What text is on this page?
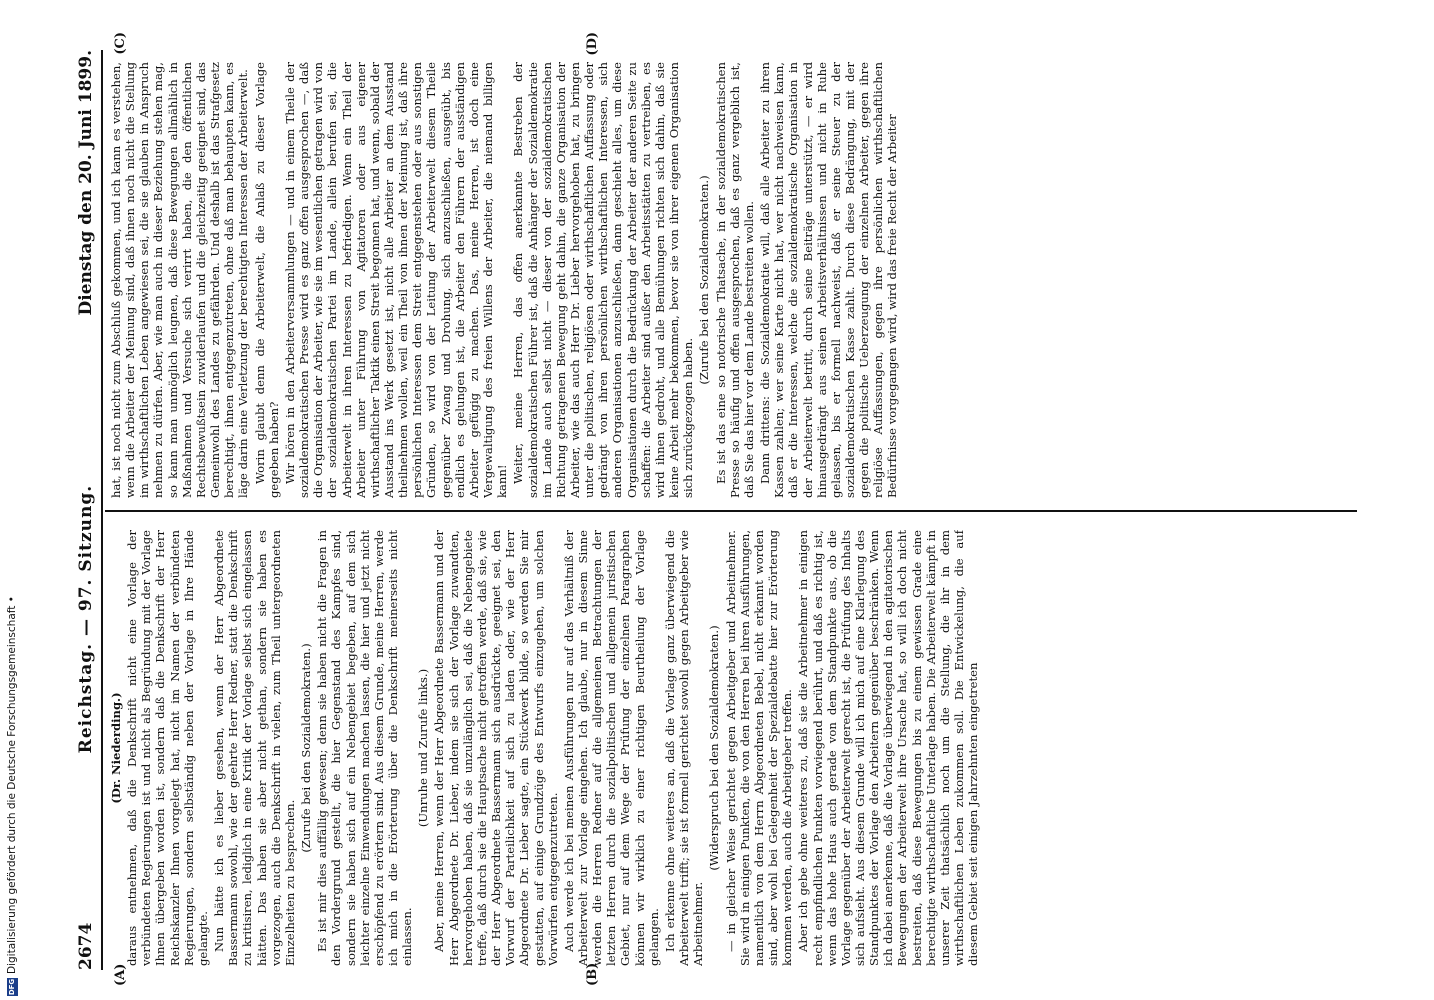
2674
Reichstag. — 97. Sitzung.
Dienstag den 20. Juni 1899.
(A)	(B)
(C)	(D)

(Dr. Niederding.) daraus entnehmen, daß die Denkschrift nicht eine Vorlage der verbündeten Regierungen ist und nicht als Begründung mit der Vorlage Ihnen übergeben worden ist, sondern daß die Denkschrift der Herr Reichskanzler Ihnen vorgelegt hat, nicht im Namen der verbündeten Regierungen, sondern selbständig neben der Vorlage in Ihre Hände gelangte. Nun hätte ich es lieber gesehen, wenn der Herr Abgeordnete Bassermann sowohl, wie der geehrte Herr Redner, statt die Denkschrift zu kritisiren, lediglich in eine Kritik der Vorlage selbst sich eingelassen hätten. Das haben sie aber nicht gethan, sondern sie haben es vorgezogen, auch die Denkschrift in vielen, zum Theil untergeordneten Einzelheiten zu besprechen.

(Zurufe bei den Sozialdemokraten.) Es ist mir dies auffällig gewesen; denn sie haben nicht die Fragen in den Vordergrund gestellt, die hier Gegenstand des Kampfes sind, sondern sie haben sich auf ein Nebengebiet begeben, auf dem sich leichter einzelne Einwendungen machen lassen, die hier und jetzt nicht erschöpfend zu erörtern sind. Aus diesem Grunde, meine Herren, werde ich mich in die Erörterung über die Denkschrift meinerseits nicht einlassen.

(Unruhe und Zurufe links.) Aber, meine Herren, wenn der Herr Abgeordnete Bassermann und der Herr Abgeordnete Dr. Lieber, indem sie sich der Vorlage zuwandten, hervorgehoben haben, daß sie unzulänglich sei, daß die Nebengebiete treffe, daß durch sie die Hauptsache nicht getroffen werde, daß sie, wie der Herr Abgeordnete Bassermann sich ausdrückte, geeignet sei, den Vorwurf der Parteilichkeit auf sich zu laden oder, wie der Herr Abgeordnete Dr. Lieber sagte, ein Stückwerk bilde, so werden Sie mir gestatten, auf einige Grundzüge des Entwurfs einzugehen, um solchen Vorwürfen entgegenzutreten. Auch werde ich bei meinen Ausführungen nur auf das Verhältniß der Arbeiterwelt zur Vorlage eingehen. Ich glaube, nur in diesem Sinne werden die Herren Redner auf die allgemeinen Betrachtungen der letzten Herren durch die sozialpolitischen und allgemein juristischen Gebiet, nur auf dem Wege der Prüfung der einzelnen Paragraphen können wir wirklich zu einer richtigen Beurtheilung der Vorlage gelangen. Ich erkenne ohne weiteres an, daß die Vorlage ganz überwiegend die Arbeiterwelt trifft; sie ist formell gerichtet sowohl gegen Arbeitgeber wie Arbeitnehmer.

(Widerspruch bei den Sozialdemokraten.) — in gleicher Weise gerichtet gegen Arbeitgeber und Arbeitnehmer. Sie wird in einigen Punkten, die von den Herren bei ihren Ausführungen, namentlich von dem Herrn Abgeordneten Bebel, nicht erkannt worden sind, aber wohl bei Gelegenheit der Spezialdebatte hier zur Erörterung kommen werden, auch die Arbeitgeber treffen. Aber ich gebe ohne weiteres zu, daß sie die Arbeitnehmer in einigen recht empfindlichen Punkten vorwiegend berührt, und daß es richtig ist, wenn das hohe Haus auch gerade von dem Standpunkte aus, ob die Vorlage gegenüber der Arbeiterwelt gerecht ist, die Prüfung des Inhalts sich aufsieht. Aus diesem Grunde will ich mich auf eine Klarlegung des Standpunktes der Vorlage den Arbeitern gegenüber beschränken. Wenn ich dabei anerkenne, daß die Vorlage überwiegend in den agitatorischen Bewegungen der Arbeiterwelt ihre Ursache hat, so will ich doch nicht bestreiten, daß diese Bewegungen bis zu einem gewissen Grade eine berechtigte wirthschaftliche Unterlage haben. Die Arbeiterwelt kämpft in unserer Zeit thatsächlich noch um die Stellung, die ihr in dem wirthschaftlichen Leben zukommen soll. Die Entwickelung, die auf diesem Gebiet seit einigen Jahrzehnten eingetreten

hat, ist noch nicht zum Abschluß gekommen, und ich kann es verstehen, wenn die Arbeiter der Meinung sind, daß ihnen noch nicht die Stellung im wirthschaftlichen Leben angewiesen sei, die sie glauben in Anspruch nehmen zu dürfen. Aber, wie man auch in dieser Beziehung stehen mag, so kann man unmöglich leugnen, daß diese Bewegungen allmählich in Maßnahmen und Versuche sich verirrt haben, die den öffentlichen Rechtsbewußtsein zuwiderlaufen und die gleichzeitig geeignet sind, das Gemeinwohl des Landes zu gefährden. Und deshalb ist das Strafgesetz berechtigt, ihnen entgegenzutreten, ohne daß man behaupten kann, es läge darin eine Verletzung der berechtigten Interessen der Arbeiterwelt. Worin glaubt denn die Arbeiterwelt, die Anlaß zu dieser Vorlage gegeben haben? Wir hören in den Arbeiterversammlungen — und in einem Theile der sozialdemokratischen Presse wird es ganz offen ausgesprochen —, daß die Organisation der Arbeiter, wie sie im wesentlichen getragen wird von der sozialdemokratischen Partei im Lande, allein berufen sei, die Arbeiterwelt in ihren Interessen zu befriedigen. Wenn ein Theil der Arbeiter unter Führung von Agitatoren oder aus eigener wirthschaftlicher Taktik einen Streit begonnen hat, und wenn, sobald der Ausstand ins Werk gesetzt ist, nicht alle Arbeiter an dem Ausstand theilnehmen wollen, weil ein Theil von ihnen der Meinung ist, daß ihre persönlichen Interessen dem Streit entgegenstehen oder aus sonstigen Gründen, so wird von der Leitung der Arbeiterwelt diesem Theile gegenüber Zwang und Drohung, sich anzuschließen, ausgeübt, bis endlich es gelungen ist, die Arbeiter den Führern der ausständigen Arbeiter gefügig zu machen. Das, meine Herren, ist doch eine Vergewaltigung des freien Willens der Arbeiter, die niemand billigen kann! Weiter, meine Herren, das offen anerkannte Bestreben der sozialdemokratischen Führer ist, daß die Anhänger der Sozialdemokratie im Lande auch selbst nicht — dieser von der sozialdemokratischen Richtung getragenen Bewegung geht dahin, die ganze Organisation der Arbeiter, wie das auch Herr Dr. Lieber hervorgehoben hat, zu bringen unter die politischen, religiösen oder wirthschaftlichen Auffassung oder gedrängt von ihren persönlichen wirthschaftlichen Interessen, sich anderen Organisationen anzuschließen, dann geschieht alles, um diese Organisationen durch die Bedrückung der Arbeiter der anderen Seite zu schaffen: die Arbeiter sind außer den Arbeitsstätten zu vertreiben, es wird ihnen gedroht, und alle Bemühungen richten sich dahin, daß sie keine Arbeit mehr bekommen, bevor sie von ihrer eigenen Organisation sich zurückgezogen haben.

(Zurufe bei den Sozialdemokraten.) Es ist das eine so notorische Thatsache, in der sozialdemokratischen Presse so häufig und offen ausgesprochen, daß es ganz vergeblich ist, daß Sie das hier vor dem Lande bestreiten wollen. Dann drittens: die Sozialdemokratie will, daß alle Arbeiter zu ihren Kassen zahlen; wer seine Karte nicht hat, wer nicht nachweisen kann, daß er die Interessen, welche die sozialdemokratische Organisation in der Arbeiterwelt betritt, durch seine Beiträge unterstützt, — er wird hinausgedrängt aus seinen Arbeitsverhältnissen und nicht in Ruhe gelassen, bis er formell nachweist, daß er seine Steuer zu der sozialdemokratischen Kasse zahlt. Durch diese Bedrängung, mit der gegen die politische Ueberzeugung der einzelnen Arbeiter, gegen ihre religiöse Auffassungen, gegen ihre persönlichen wirthschaftlichen Bedürfnisse vorgegangen wird, wird das freie Recht der Arbeiter

DFG
Digitalisierung gefördert durch die Deutsche Forschungsgemeinschaft •
